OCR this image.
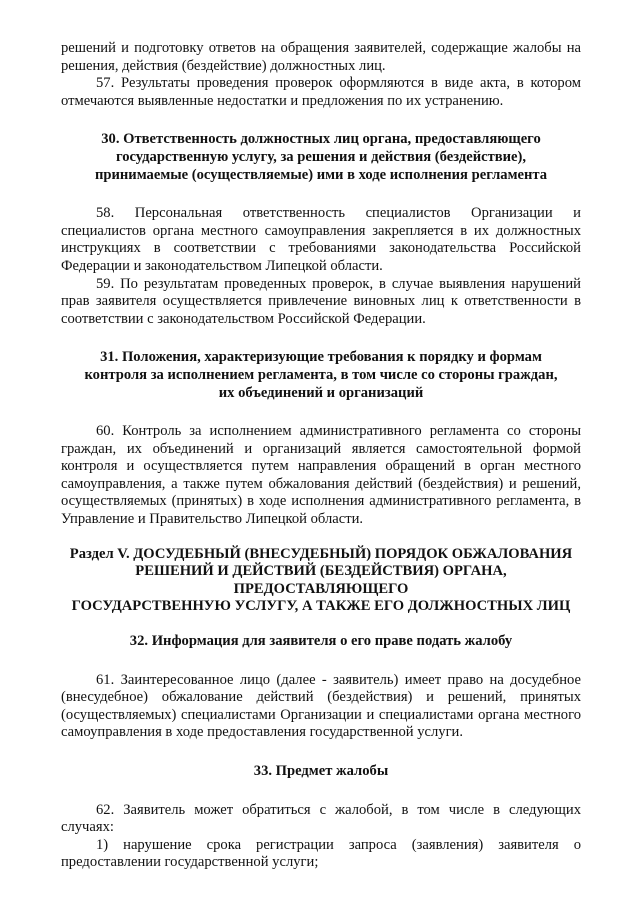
решений и подготовку ответов на обращения заявителей, содержащие жалобы на решения, действия (бездействие) должностных лиц.

57. Результаты проведения проверок оформляются в виде акта, в котором отмечаются выявленные недостатки и предложения по их устранению.

30. Ответственность должностных лиц органа, предоставляющего государственную услугу, за решения и действия (бездействие), принимаемые (осуществляемые) ими в ходе исполнения регламента

58. Персональная ответственность специалистов Организации и специалистов органа местного самоуправления закрепляется в их должностных инструкциях в соответствии с требованиями законодательства Российской Федерации и законодательством Липецкой области.

59. По результатам проведенных проверок, в случае выявления нарушений прав заявителя осуществляется привлечение виновных лиц к ответственности в соответствии с законодательством Российской Федерации.

31. Положения, характеризующие требования к порядку и формам контроля за исполнением регламента, в том числе со стороны граждан, их объединений и организаций

60. Контроль за исполнением административного регламента со стороны граждан, их объединений и организаций является самостоятельной формой контроля и осуществляется путем направления обращений в орган местного самоуправления, а также путем обжалования действий (бездействия) и решений, осуществляемых (принятых) в ходе исполнения административного регламента, в Управление и Правительство Липецкой области.

Раздел V. ДОСУДЕБНЫЙ (ВНЕСУДЕБНЫЙ) ПОРЯДОК ОБЖАЛОВАНИЯ
РЕШЕНИЙ И ДЕЙСТВИЙ (БЕЗДЕЙСТВИЯ) ОРГАНА,
ПРЕДОСТАВЛЯЮЩЕГО
ГОСУДАРСТВЕННУЮ УСЛУГУ, А ТАКЖЕ ЕГО ДОЛЖНОСТНЫХ ЛИЦ

32. Информация для заявителя о его праве подать жалобу

61. Заинтересованное лицо (далее - заявитель) имеет право на досудебное (внесудебное) обжалование действий (бездействия) и решений, принятых (осуществляемых) специалистами Организации и специалистами органа местного самоуправления в ходе предоставления государственной услуги.

33. Предмет жалобы

62. Заявитель может обратиться с жалобой, в том числе в следующих случаях:

1) нарушение срока регистрации запроса (заявления) заявителя о предоставлении государственной услуги;
